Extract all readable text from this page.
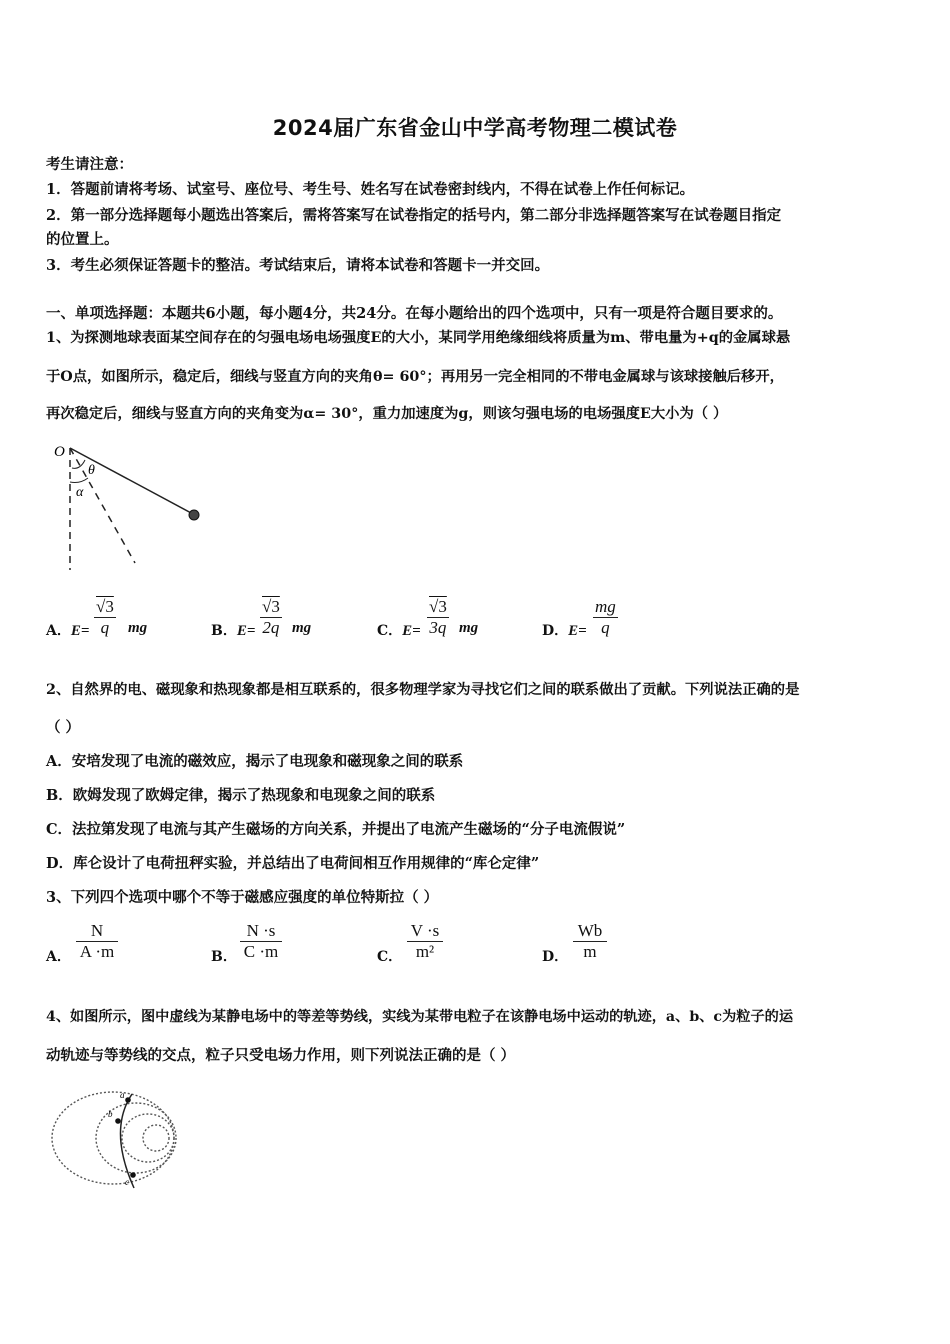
2024届广东省金山中学高考物理二模试卷
考生请注意：
1．答题前请将考场、试室号、座位号、考生号、姓名写在试卷密封线内，不得在试卷上作任何标记。
2．第一部分选择题每小题选出答案后，需将答案写在试卷指定的括号内，第二部分非选择题答案写在试卷题目指定
的位置上。
3．考生必须保证答题卡的整洁。考试结束后，请将本试卷和答题卡一并交回。
一、单项选择题：本题共6小题，每小题4分，共24分。在每小题给出的四个选项中，只有一项是符合题目要求的。
1、为探测地球表面某空间存在的匀强电场电场强度E的大小，某同学用绝缘细线将质量为m、带电量为+q的金属球悬
于O点，如图所示，稳定后，细线与竖直方向的夹角θ= 60°；再用另一完全相同的不带电金属球与该球接触后移开，
再次稳定后，细线与竖直方向的夹角变为α= 30°，重力加速度为g，则该匀强电场的电场强度E大小为（ ）
O
θ
α
A．$E= \frac{√3}{q}$ mg	B．$E= \frac{√3}{2q}$ mg	C．$E= \frac{√3}{3q}$ mg	D．$E= \frac{mg}{q}$
2、自然界的电、磁现象和热现象都是相互联系的，很多物理学家为寻找它们之间的联系做出了贡献。下列说法正确的是
（ ）
A．安培发现了电流的磁效应，揭示了电现象和磁现象之间的联系
B．欧姆发现了欧姆定律，揭示了热现象和电现象之间的联系
C．法拉第发现了电流与其产生磁场的方向关系，并提出了电流产生磁场的“分子电流假说”
D．库仑设计了电荷扭秤实验，并总结出了电荷间相互作用规律的“库仑定律”
3、下列四个选项中哪个不等于磁感应强度的单位特斯拉（ ）
A． $\frac{N}{A \cdot m}$	B． $\frac{N \cdot s}{C \cdot m}$	C． $\frac{V \cdot s}{\text{m²}}$	D． $\frac{Wb}{m}$
4、如图所示，图中虚线为某静电场中的等差等势线，实线为某带电粒子在该静电场中运动的轨迹，a、b、c为粒子的运
动轨迹与等势线的交点，粒子只受电场力作用，则下列说法正确的是（ ）
a
b
c
